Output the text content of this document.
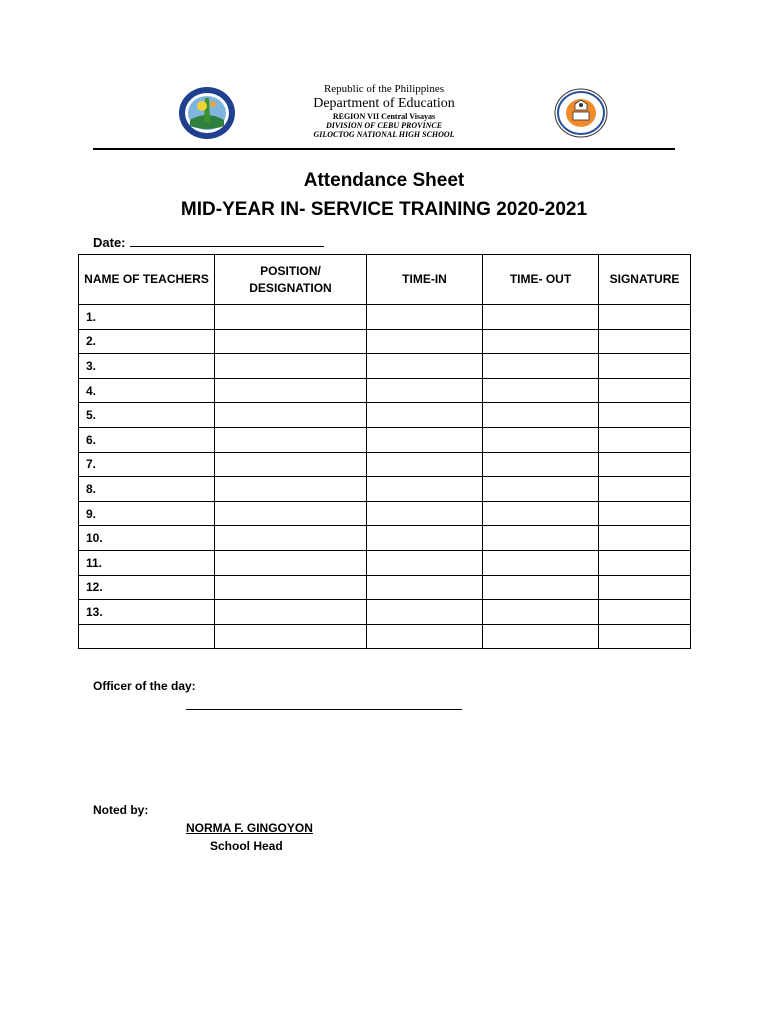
Republic of the Philippines
Department of Education
REGION VII Central Visayas
DIVISION OF CEBU PROVINCE
GILOCTOG NATIONAL HIGH SCHOOL
Attendance Sheet
MID-YEAR IN- SERVICE TRAINING 2020-2021
Date:
NAME OF TEACHERS	POSITION/ DESIGNATION	TIME-IN	TIME- OUT	SIGNATURE
1.				
2.				
3.				
4.				
5.				
6.				
7.				
8.				
9.				
10.				
11.				
12.				
13.				

Officer of the day:
Noted by:
NORMA F. GINGOYON
School Head
